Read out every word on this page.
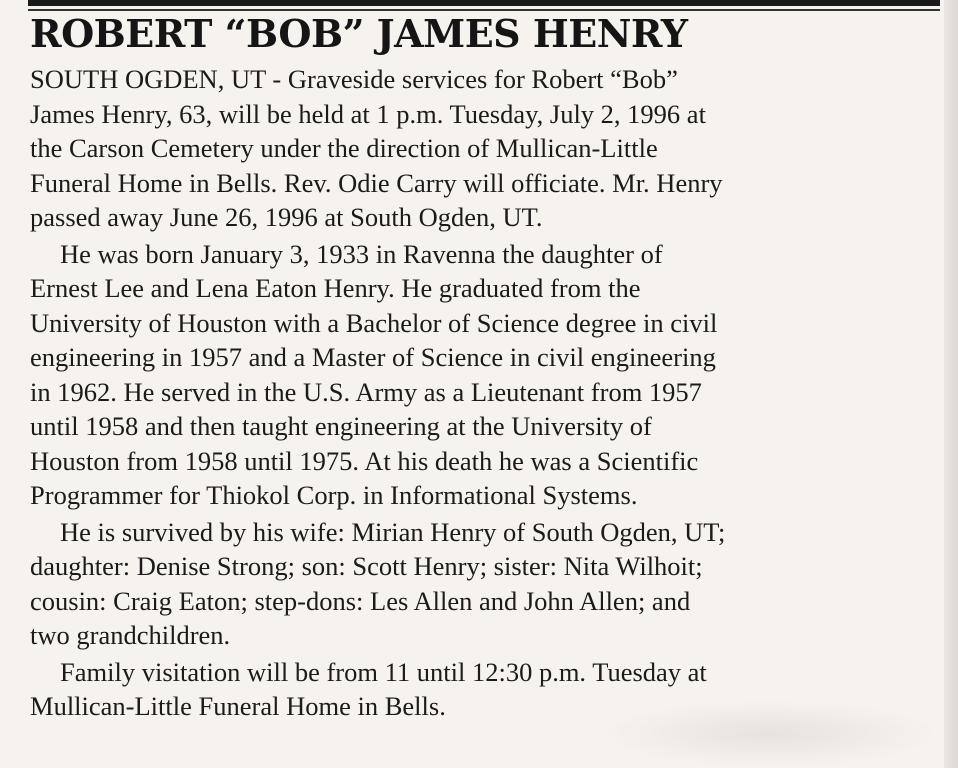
ROBERT “BOB” JAMES HENRY

SOUTH OGDEN, UT - Graveside services for Robert “Bob”
James Henry, 63, will be held at 1 p.m. Tuesday, July 2, 1996 at
the Carson Cemetery under the direction of Mullican-Little
Funeral Home in Bells. Rev. Odie Carry will officiate. Mr. Henry
passed away June 26, 1996 at South Ogden, UT.

He was born January 3, 1933 in Ravenna the daughter of
Ernest Lee and Lena Eaton Henry. He graduated from the
University of Houston with a Bachelor of Science degree in civil
engineering in 1957 and a Master of Science in civil engineering
in 1962. He served in the U.S. Army as a Lieutenant from 1957
until 1958 and then taught engineering at the University of
Houston from 1958 until 1975. At his death he was a Scientific
Programmer for Thiokol Corp. in Informational Systems.

He is survived by his wife: Mirian Henry of South Ogden, UT;
daughter: Denise Strong; son: Scott Henry; sister: Nita Wilhoit;
cousin: Craig Eaton; step-dons: Les Allen and John Allen; and
two grandchildren.

Family visitation will be from 11 until 12:30 p.m. Tuesday at
Mullican-Little Funeral Home in Bells.
